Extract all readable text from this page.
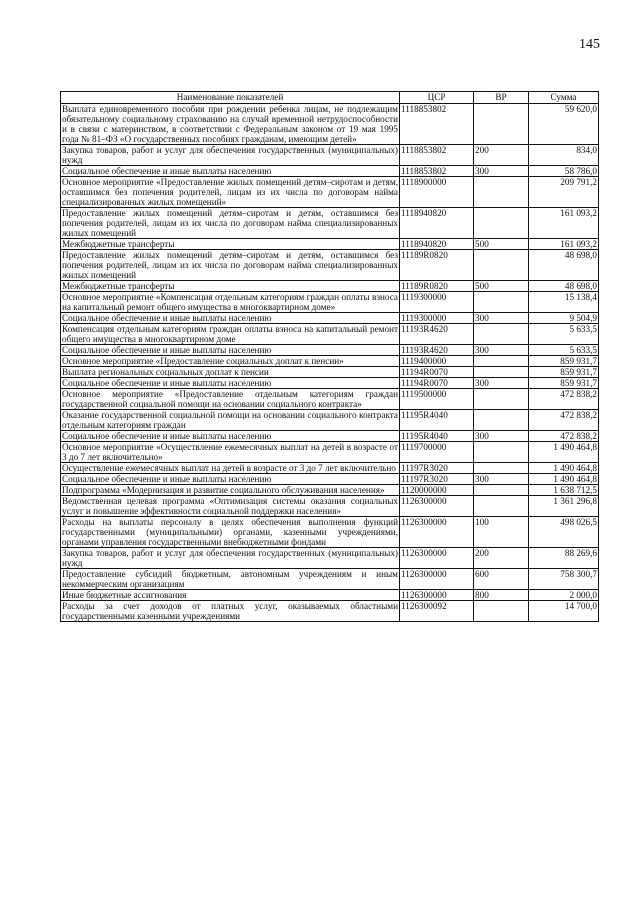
145
Наименование показателей	ЦСР	ВР	Сумма
Выплата единовременного пособия при рождении ребенка лицам, не подлежащим обязательному социальному страхованию на случай временной нетрудоспособности и в связи с материнством, в соответствии с Федеральным законом от 19 мая 1995 года № 81–ФЗ «О государственных пособиях гражданам, имеющим детей»	1118853802		59 620,0
Закупка товаров, работ и услуг для обеспечения государственных (муниципальных) нужд	1118853802	200	834,0
Социальное обеспечение и иные выплаты населению	1118853802	300	58 786,0
Основное мероприятие «Предоставление жилых помещений детям–сиротам и детям, оставшимся без попечения родителей, лицам из их числа по договорам найма специализированных жилых помещений»	1118900000		209 791,2
Предоставление жилых помещений детям–сиротам и детям, оставшимся без попечения родителей, лицам из их числа по договорам найма специализированных жилых помещений	1118940820		161 093,2
Межбюджетные трансферты	1118940820	500	161 093,2
Предоставление жилых помещений детям–сиротам и детям, оставшимся без попечения родителей, лицам из их числа по договорам найма специализированных жилых помещений	11189R0820		48 698,0
Межбюджетные трансферты	11189R0820	500	48 698,0
Основное мероприятие «Компенсация отдельным категориям граждан оплаты взноса на капитальный ремонт общего имущества в многоквартирном доме»	1119300000		15 138,4
Социальное обеспечение и иные выплаты населению	1119300000	300	9 504,9
Компенсация отдельным категориям граждан оплаты взноса на капитальный ремонт общего имущества в многоквартирном доме	11193R4620		5 633,5
Социальное обеспечение и иные выплаты населению	11193R4620	300	5 633,5
Основное мероприятие «Предоставление социальных доплат к пенсии»	1119400000		859 931,7
Выплата региональных социальных доплат к пенсии	11194R0070		859 931,7
Социальное обеспечение и иные выплаты населению	11194R0070	300	859 931,7
Основное мероприятие «Предоставление отдельным категориям граждан государственной социальной помощи на основании социального контракта»	1119500000		472 838,2
Оказание государственной социальной помощи на основании социального контракта отдельным категориям граждан	11195R4040		472 838,2
Социальное обеспечение и иные выплаты населению	11195R4040	300	472 838,2
Основное мероприятие «Осуществление ежемесячных выплат на детей в возрасте от 3 до 7 лет включительно»	1119700000		1 490 464,8
Осуществление ежемесячных выплат на детей в возрасте от 3 до 7 лет включительно	11197R3020		1 490 464,8
Социальное обеспечение и иные выплаты населению	11197R3020	300	1 490 464,8
Подпрограмма «Модернизация и развитие социального обслуживания населения»	1120000000		1 638 712,5
Ведомственная целевая программа «Оптимизация системы оказания социальных услуг и повышение эффективности социальной поддержки населения»	1126300000		1 361 296,8
Расходы на выплаты персоналу в целях обеспечения выполнения функций государственными (муниципальными) органами, казенными учреждениями, органами управления государственными внебюджетными фондами	1126300000	100	498 026,5
Закупка товаров, работ и услуг для обеспечения государственных (муниципальных) нужд	1126300000	200	88 269,6
Предоставление субсидий бюджетным, автономным учреждениям и иным некоммерческим организациям	1126300000	600	758 300,7
Иные бюджетные ассигнования	1126300000	800	2 000,0
Расходы за счет доходов от платных услуг, оказываемых областными государственными казенными учреждениями	1126300092		14 700,0
